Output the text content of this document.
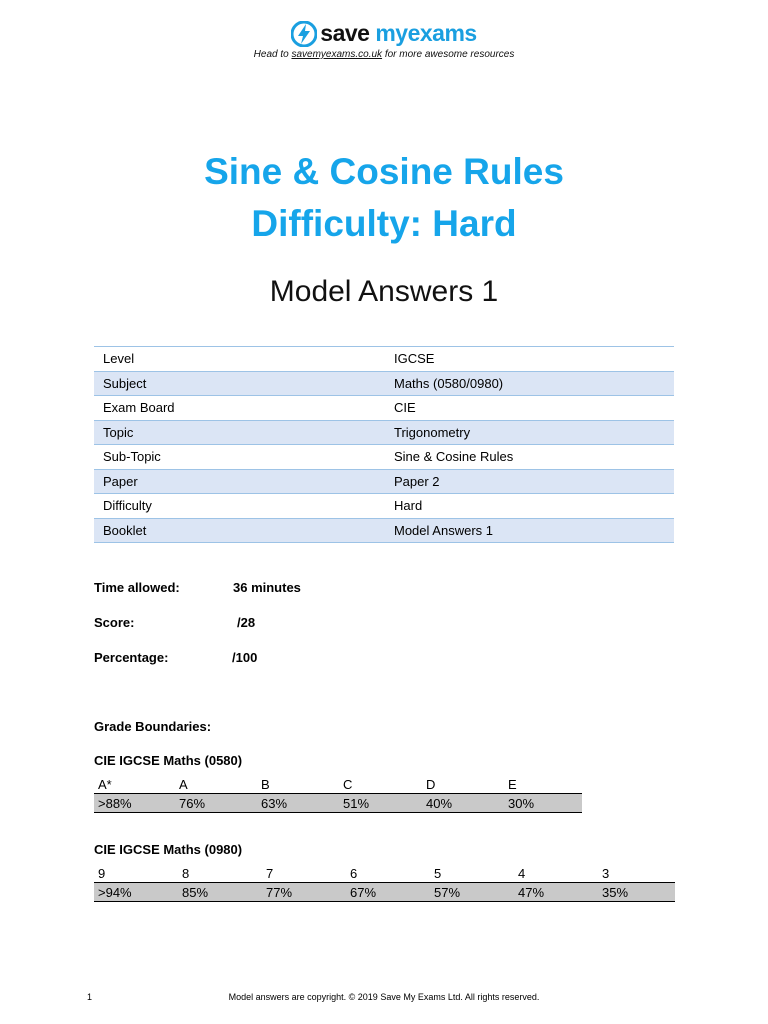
save myexams
Head to savemyexams.co.uk for more awesome resources
Sine & Cosine Rules
Difficulty: Hard
Model Answers 1
Level	IGCSE
Subject	Maths (0580/0980)
Exam Board	CIE
Topic	Trigonometry
Sub-Topic	Sine & Cosine Rules
Paper	Paper 2
Difficulty	Hard
Booklet	Model Answers 1
Time allowed:	36 minutes
Score:	/28
Percentage:	/100
Grade Boundaries:
CIE IGCSE Maths (0580)
A*	A	B	C	D	E
>88%	76%	63%	51%	40%	30%
CIE IGCSE Maths (0980)
9	8	7	6	5	4	3
>94%	85%	77%	67%	57%	47%	35%
Model answers are copyright. © 2019 Save My Exams Ltd. All rights reserved.
1
